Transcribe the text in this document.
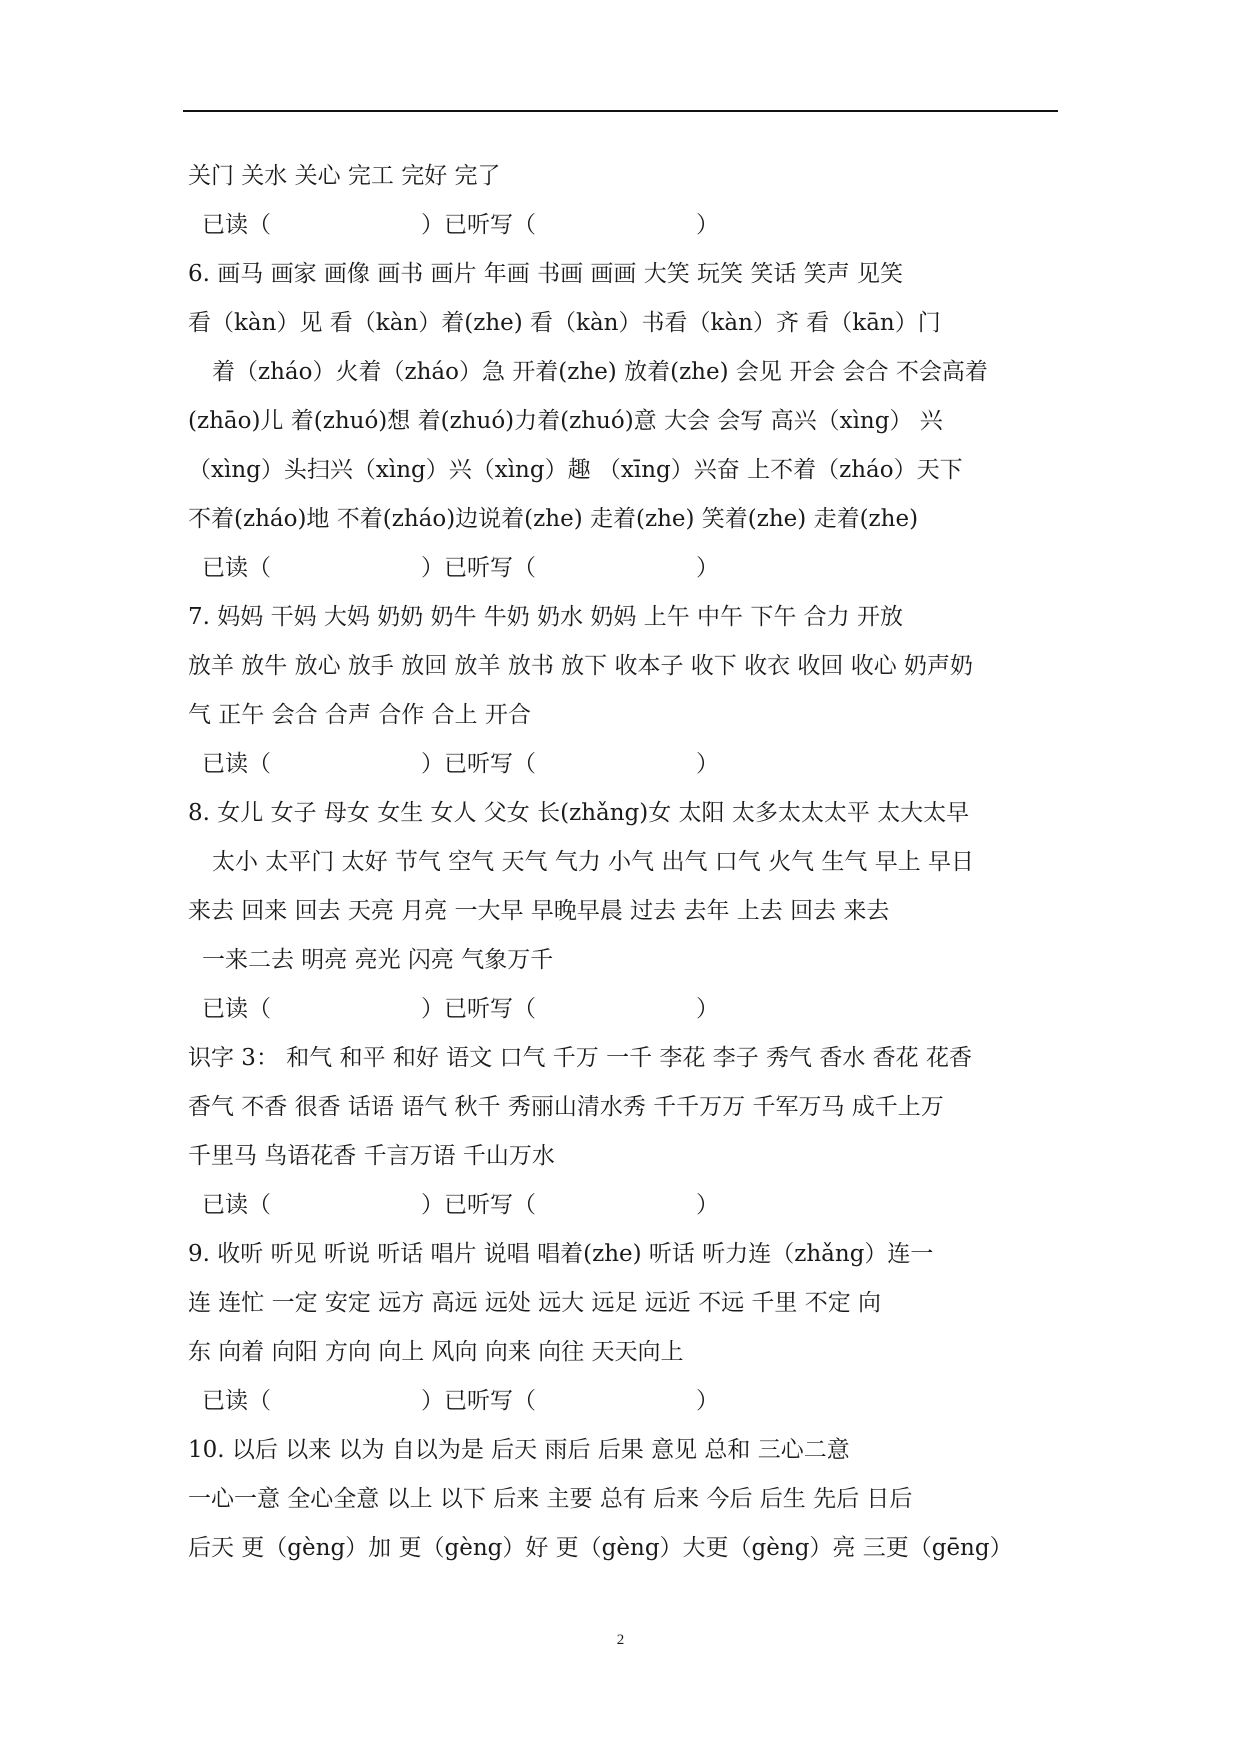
关门 关水 关心 完工 完好 完了
已读（	）已听写（	）
6. 画马 画家 画像 画书 画片 年画 书画 画画 大笑 玩笑 笑话 笑声 见笑
看（kàn）见 看（kàn）着(zhe) 看（kàn）书看（kàn）齐 看（kān）门
着（zháo）火着（zháo）急 开着(zhe) 放着(zhe) 会见 开会 会合 不会高着
(zhāo)儿 着(zhuó)想 着(zhuó)力着(zhuó)意 大会 会写 高兴（xìng） 兴
（xìng）头扫兴（xìng）兴（xìng）趣 （xīng）兴奋 上不着（zháo）天下
不着(zháo)地 不着(zháo)边说着(zhe) 走着(zhe) 笑着(zhe) 走着(zhe)
已读（	）已听写（	）
7. 妈妈 干妈 大妈 奶奶 奶牛 牛奶 奶水 奶妈 上午 中午 下午 合力 开放
放羊 放牛 放心 放手 放回 放羊 放书 放下 收本子 收下 收衣 收回 收心 奶声奶
气 正午 会合 合声 合作 合上 开合
已读（	）已听写（	）
8. 女儿 女子 母女 女生 女人 父女 长(zhǎng)女 太阳 太多太太太平 太大太早
太小 太平门 太好 节气 空气 天气 气力 小气 出气 口气 火气 生气 早上 早日
来去 回来 回去 天亮 月亮 一大早 早晚早晨 过去 去年 上去 回去 来去
一来二去 明亮 亮光 闪亮 气象万千
已读（	）已听写（	）
识字 3： 和气 和平 和好 语文 口气 千万 一千 李花 李子 秀气 香水 香花 花香
香气 不香 很香 话语 语气 秋千 秀丽山清水秀 千千万万 千军万马 成千上万
千里马 鸟语花香 千言万语 千山万水
已读（	）已听写（	）
9. 收听 听见 听说 听话 唱片 说唱 唱着(zhe) 听话 听力连（zhǎng）连一
连 连忙 一定 安定 远方 高远 远处 远大 远足 远近 不远 千里 不定 向
东 向着 向阳 方向 向上 风向 向来 向往 天天向上
已读（	）已听写（	）
10. 以后 以来 以为 自以为是 后天 雨后 后果 意见 总和 三心二意
一心一意 全心全意 以上 以下 后来 主要 总有 后来 今后 后生 先后 日后
后天 更（gèng）加 更（gèng）好 更（gèng）大更（gèng）亮 三更（gēng）
2
